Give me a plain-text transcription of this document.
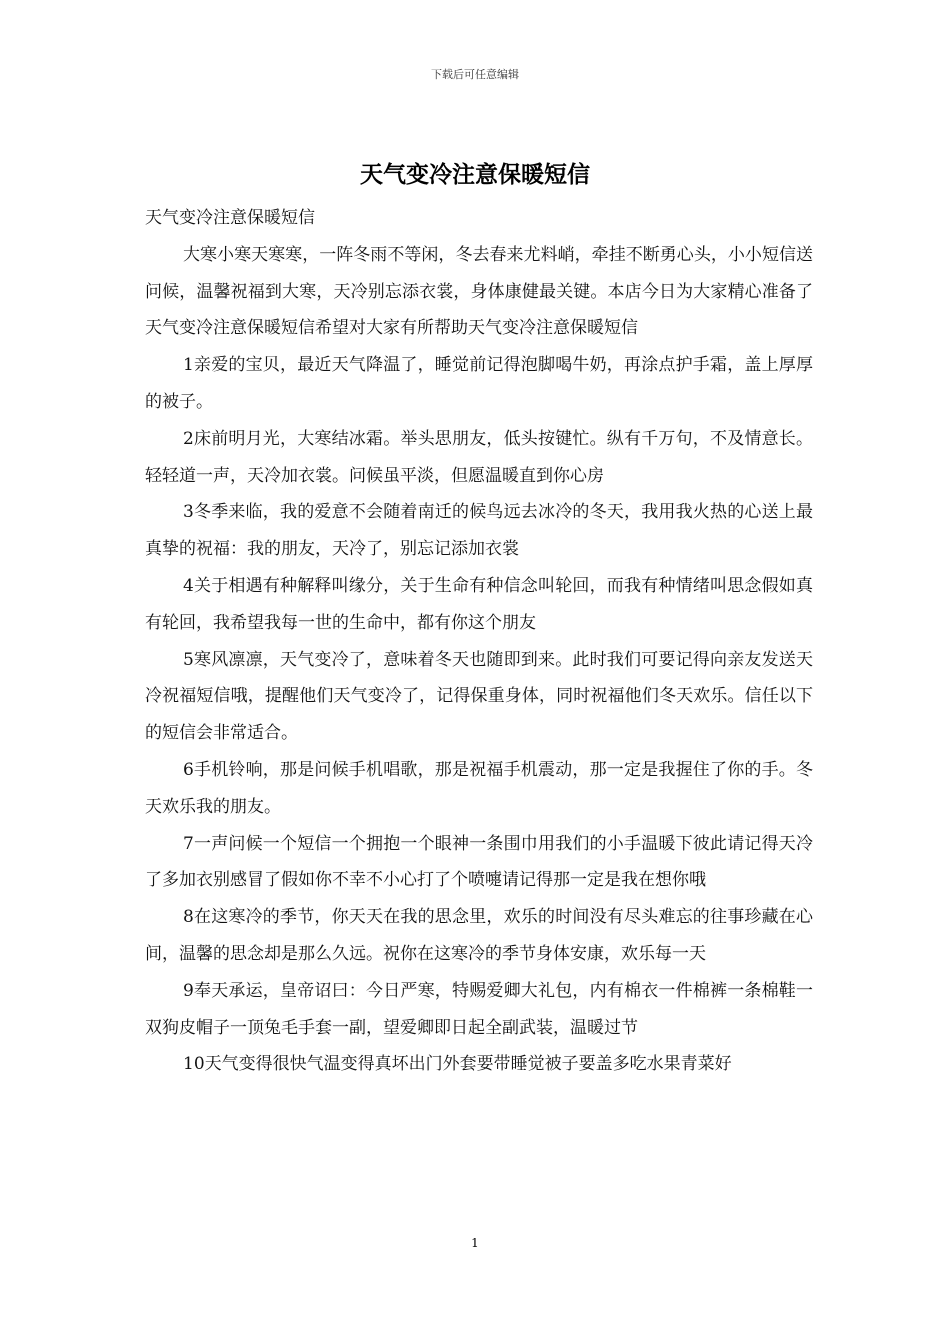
下载后可任意编辑
天气变冷注意保暖短信

天气变冷注意保暖短信

大寒小寒天寒寒，一阵冬雨不等闲，冬去春来尤料峭，牵挂不断勇心头，小小短信送问候，温馨祝福到大寒，天冷别忘添衣裳，身体康健最关键。本店今日为大家精心准备了天气变冷注意保暖短信希望对大家有所帮助天气变冷注意保暖短信

1亲爱的宝贝，最近天气降温了，睡觉前记得泡脚喝牛奶，再涂点护手霜，盖上厚厚的被子。

2床前明月光，大寒结冰霜。举头思朋友，低头按键忙。纵有千万句，不及情意长。轻轻道一声，天冷加衣裳。问候虽平淡，但愿温暖直到你心房

3冬季来临，我的爱意不会随着南迁的候鸟远去冰冷的冬天，我用我火热的心送上最真挚的祝福：我的朋友，天冷了，别忘记添加衣裳

4关于相遇有种解释叫缘分，关于生命有种信念叫轮回，而我有种情绪叫思念假如真有轮回，我希望我每一世的生命中，都有你这个朋友

5寒风凛凛，天气变冷了，意味着冬天也随即到来。此时我们可要记得向亲友发送天冷祝福短信哦，提醒他们天气变冷了，记得保重身体，同时祝福他们冬天欢乐。信任以下的短信会非常适合。

6手机铃响，那是问候手机唱歌，那是祝福手机震动，那一定是我握住了你的手。冬天欢乐我的朋友。

7一声问候一个短信一个拥抱一个眼神一条围巾用我们的小手温暖下彼此请记得天冷了多加衣别感冒了假如你不幸不小心打了个喷嚏请记得那一定是我在想你哦

8在这寒冷的季节，你天天在我的思念里，欢乐的时间没有尽头难忘的往事珍藏在心间，温馨的思念却是那么久远。祝你在这寒冷的季节身体安康，欢乐每一天

9奉天承运，皇帝诏曰：今日严寒，特赐爱卿大礼包，内有棉衣一件棉裤一条棉鞋一双狗皮帽子一顶兔毛手套一副，望爱卿即日起全副武装，温暖过节

10天气变得很快气温变得真坏出门外套要带睡觉被子要盖多吃水果青菜好

1
